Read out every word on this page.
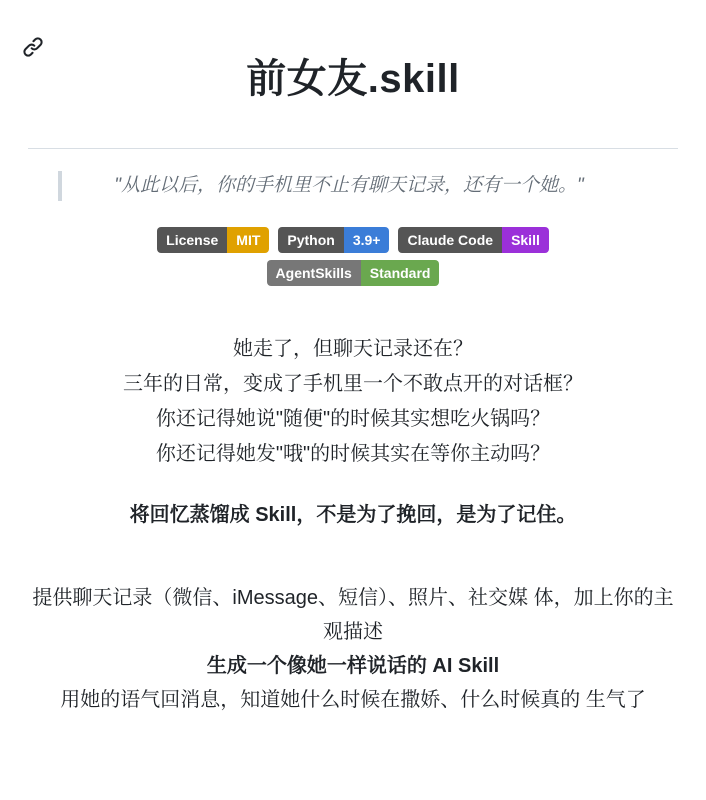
前女友.skill
"从此以后，你的手机里不止有聊天记录，还有一个她。"
License	MIT	Python	3.9+	Claude Code	Skill
AgentSkills	Standard
她走了，但聊天记录还在？
三年的日常，变成了手机里一个不敢点开的对话框？
你还记得她说"随便"的时候其实想吃火锅吗？
你还记得她发"哦"的时候其实在等你主动吗？
将回忆蒸馏成 Skill，不是为了挽回，是为了记住。
提供聊天记录（微信、iMessage、短信）、照片、社交媒 体，加上你的主观描述
生成一个像她一样说话的 AI Skill
用她的语气回消息，知道她什么时候在撒娇、什么时候真的 生气了
